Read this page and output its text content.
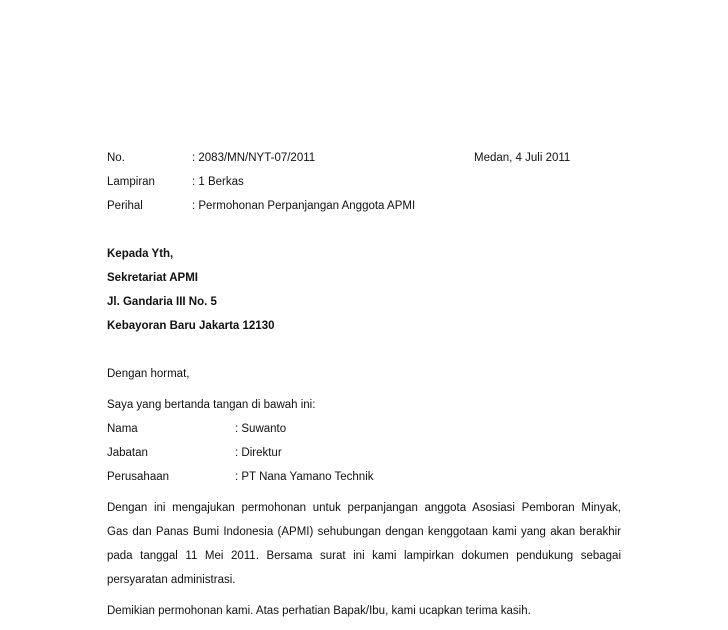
No.	: 2083/MN/NYT-07/2011	Medan, 4 Juli 2011
Lampiran	: 1 Berkas
Perihal	: Permohonan Perpanjangan Anggota APMI
Kepada Yth,
Sekretariat APMI
Jl. Gandaria III No. 5
Kebayoran Baru Jakarta 12130
Dengan hormat,
Saya yang bertanda tangan di bawah ini:
Nama	: Suwanto
Jabatan	: Direktur
Perusahaan	: PT Nana Yamano Technik
Dengan ini mengajukan permohonan untuk perpanjangan anggota Asosiasi Pemboran Minyak,
Gas dan Panas Bumi Indonesia (APMI) sehubungan dengan kenggotaan kami yang akan berakhir
pada tanggal 11 Mei 2011. Bersama surat ini kami lampirkan dokumen pendukung sebagai
persyaratan administrasi.
Demikian permohonan kami. Atas perhatian Bapak/Ibu, kami ucapkan terima kasih.
